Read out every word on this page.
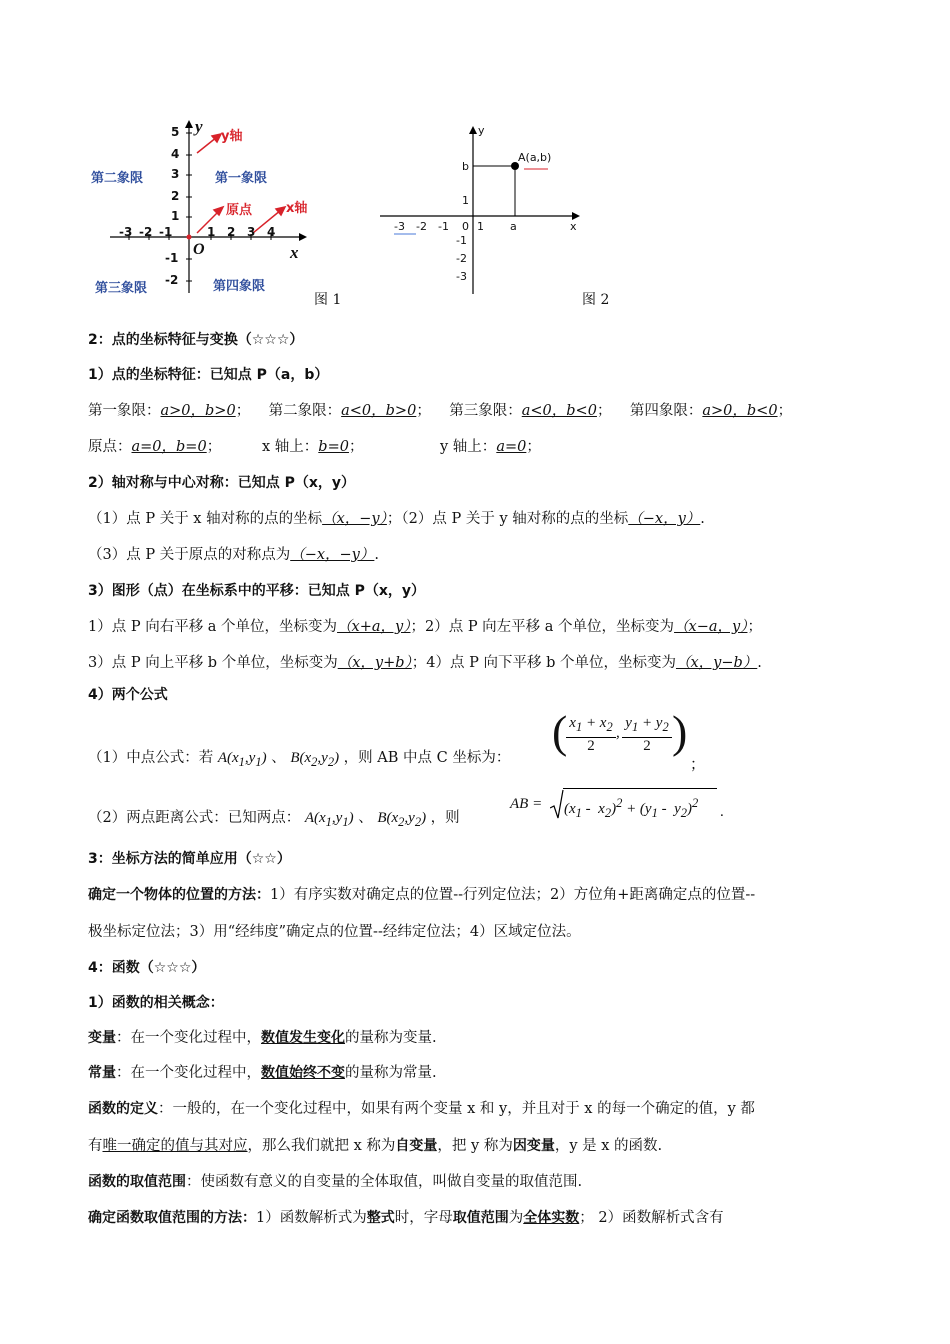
第二象限	第一象限
第三象限	第四象限
y轴
原点	x轴
y
x
O
5
4
3
2
1
-1
-2
-3 -2 -1	1 2 3 4
图 1
A(a,b)
b
1
0 1 a	x
y
-3 -2 -1
-1
-2
-3
图 2
2：点的坐标特征与变换（☆☆☆）
1）点的坐标特征：已知点 P（a，b）
第一象限：a>0，b>0；    第二象限：a<0，b>0；    第三象限：a<0，b<0；    第四象限：a>0，b<0；
原点：a=0，b=0；	x 轴上：b=0；	y 轴上：a=0；
2）轴对称与中心对称：已知点 P（x，y）
（1）点 P 关于 x 轴对称的点的坐标（x，−y）；（2）点 P 关于 y 轴对称的点的坐标（−x，y）.
（3）点 P 关于原点的对称点为（−x，−y）.
3）图形（点）在坐标系中的平移：已知点 P（x，y）
1）点 P 向右平移 a 个单位，坐标变为（x+a，y）；2）点 P 向左平移 a 个单位，坐标变为（x−a，y）；
3）点 P 向上平移 b 个单位，坐标变为（x，y+b）；4）点 P 向下平移 b 个单位，坐标变为（x，y−b）.
4）两个公式
（1）中点公式：若 $A(x_1,y_1)$ 、 $B(x_2,y_2)$ ，则 AB 中点 C 坐标为：
(
$\frac{x_1 + x_2}{2}$ , $\frac{y_1 + y_2}{2}$ )
；
（2）两点距离公式：已知两点： $A(x_1,y_1)$ 、 $B(x_2,y_2)$ ，则
AB = $(x_1 - x_2)^2 + (y_1 - y_2)^2$
.
3：坐标方法的简单应用（☆☆）
确定一个物体的位置的方法：1）有序实数对确定点的位置--行列定位法；2）方位角+距离确定点的位置--
极坐标定位法；3）用“经纬度”确定点的位置--经纬定位法；4）区域定位法。
4：函数（☆☆☆）
1）函数的相关概念：
变量：在一个变化过程中，数值发生变化的量称为变量.
常量：在一个变化过程中，数值始终不变的量称为常量.
函数的定义：一般的，在一个变化过程中，如果有两个变量 x 和 y，并且对于 x 的每一个确定的值，y 都
有唯一确定的值与其对应，那么我们就把 x 称为自变量，把 y 称为因变量，y 是 x 的函数.
函数的取值范围：使函数有意义的自变量的全体取值，叫做自变量的取值范围.
确定函数取值范围的方法：1）函数解析式为整式时，字母取值范围为全体实数； 2）函数解析式含有
